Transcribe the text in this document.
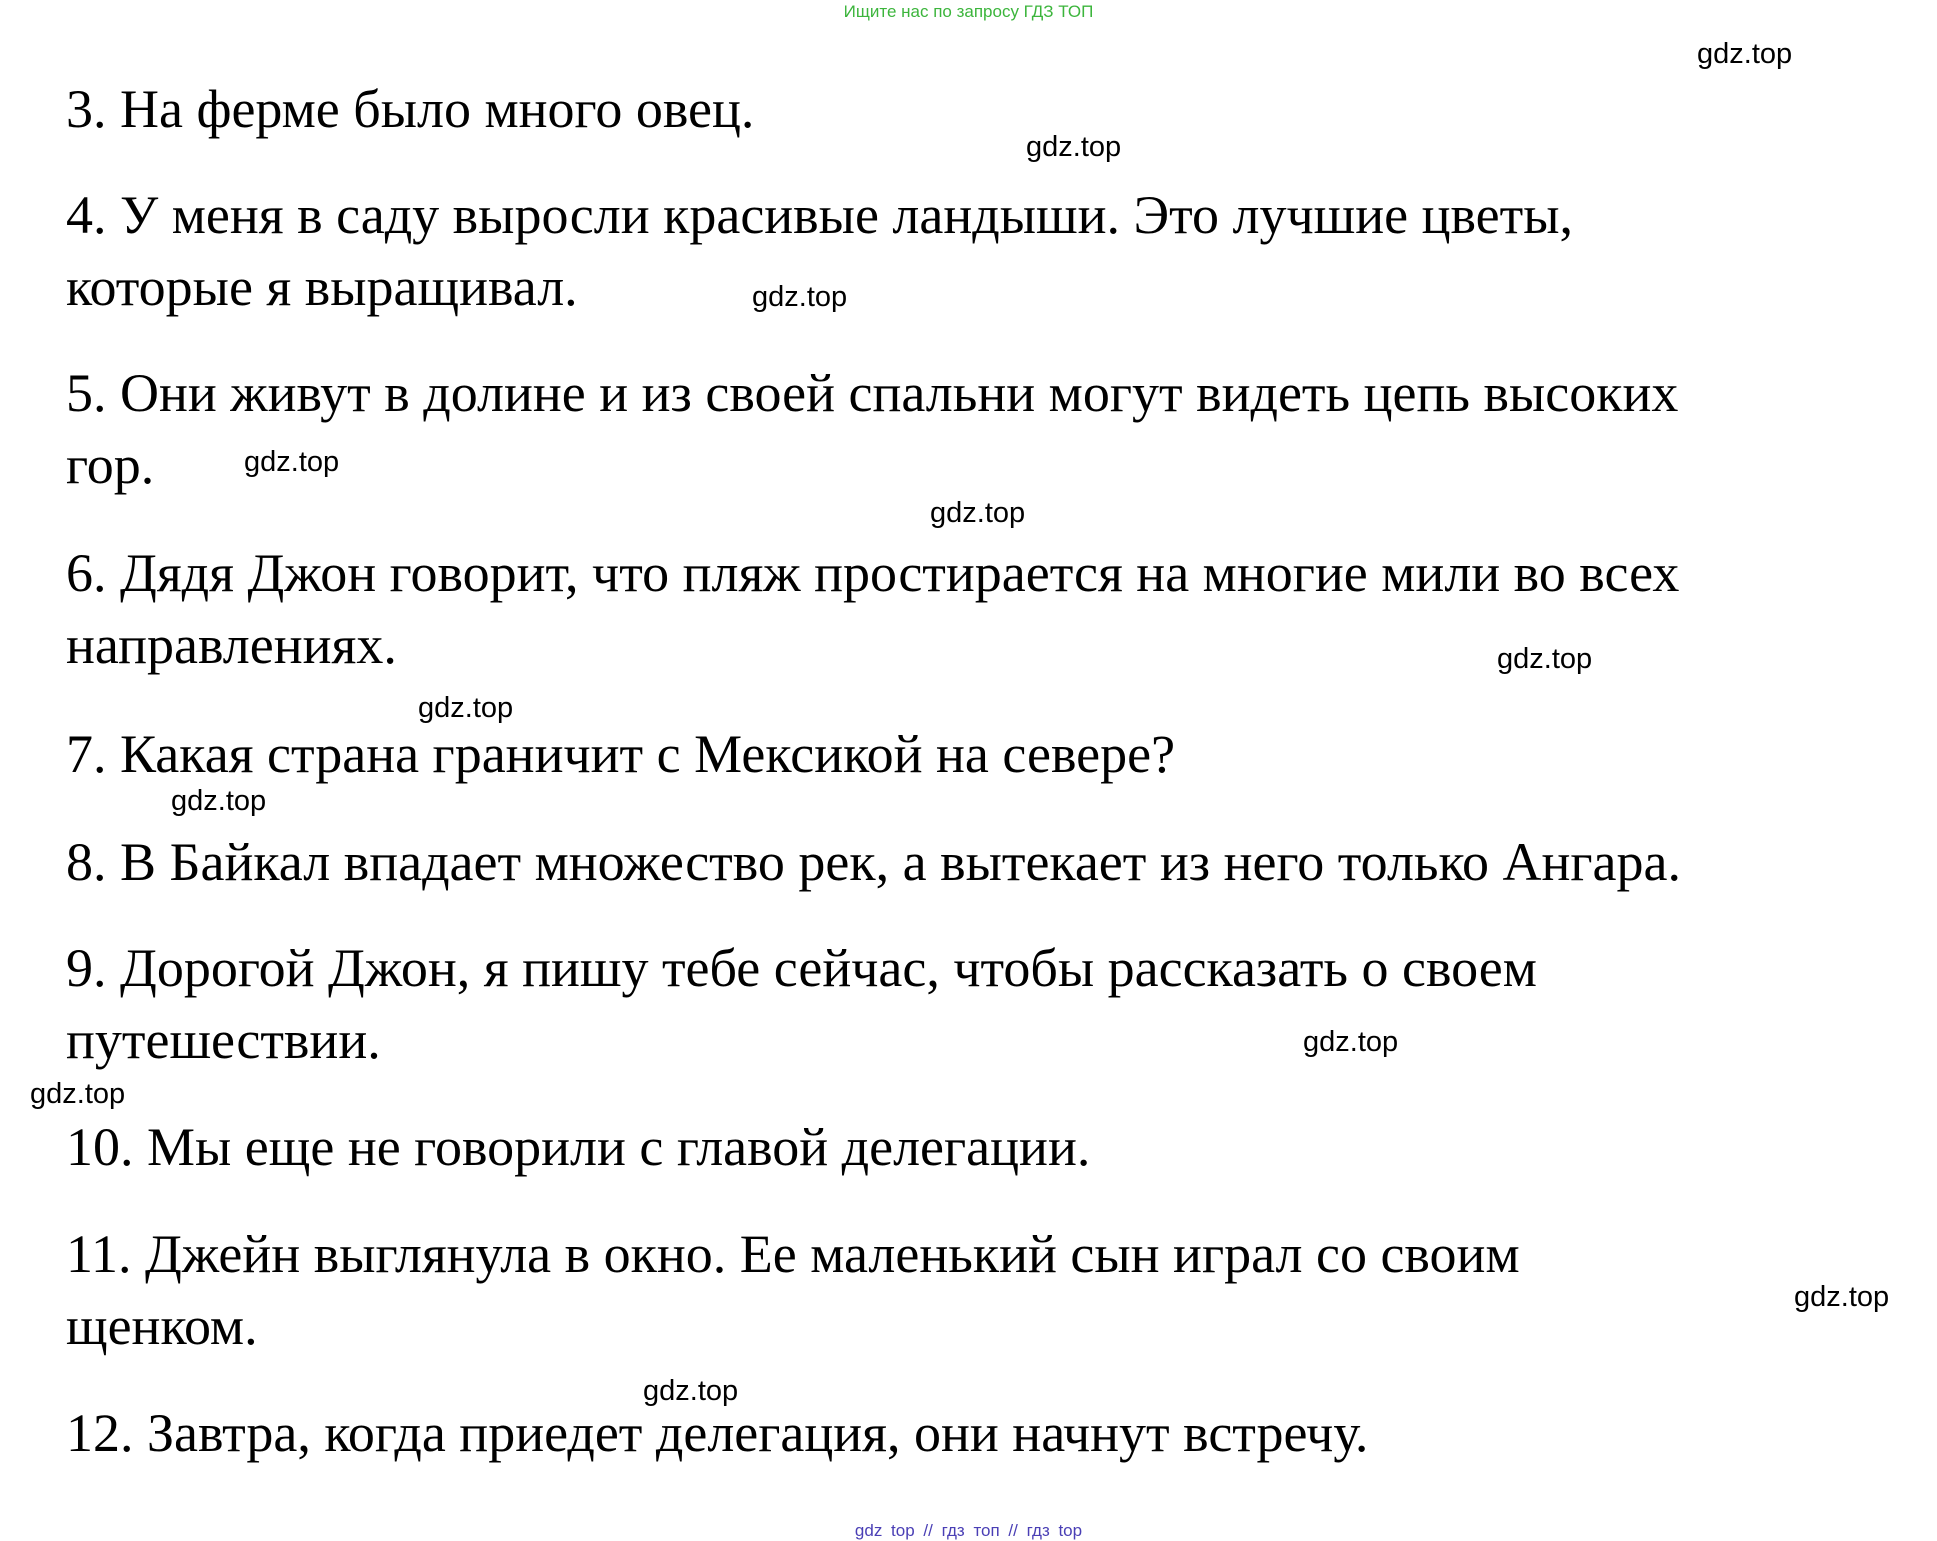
Ищите нас по запросу ГДЗ ТОП

3. На ферме было много овец.

4. У меня в саду выросли красивые ландыши. Это лучшие цветы,
которые я выращивал.

5. Они живут в долине и из своей спальни могут видеть цепь высоких
гор.

6. Дядя Джон говорит, что пляж простирается на многие мили во всех
направлениях.

7. Какая страна граничит с Мексикой на севере?

8. В Байкал впадает множество рек, а вытекает из него только Ангара.

9. Дорогой Джон, я пишу тебе сейчас, чтобы рассказать о своем
путешествии.

10. Мы еще не говорили с главой делегации.

11. Джейн выглянула в окно. Ее маленький сын играл со своим
щенком.

12. Завтра, когда приедет делегация, они начнут встречу.

gdz.top
gdz.top
gdz.top
gdz.top
gdz.top
gdz.top
gdz.top
gdz.top
gdz.top
gdz.top
gdz.top
gdz.top
gdz top // гдз топ // гдз top
